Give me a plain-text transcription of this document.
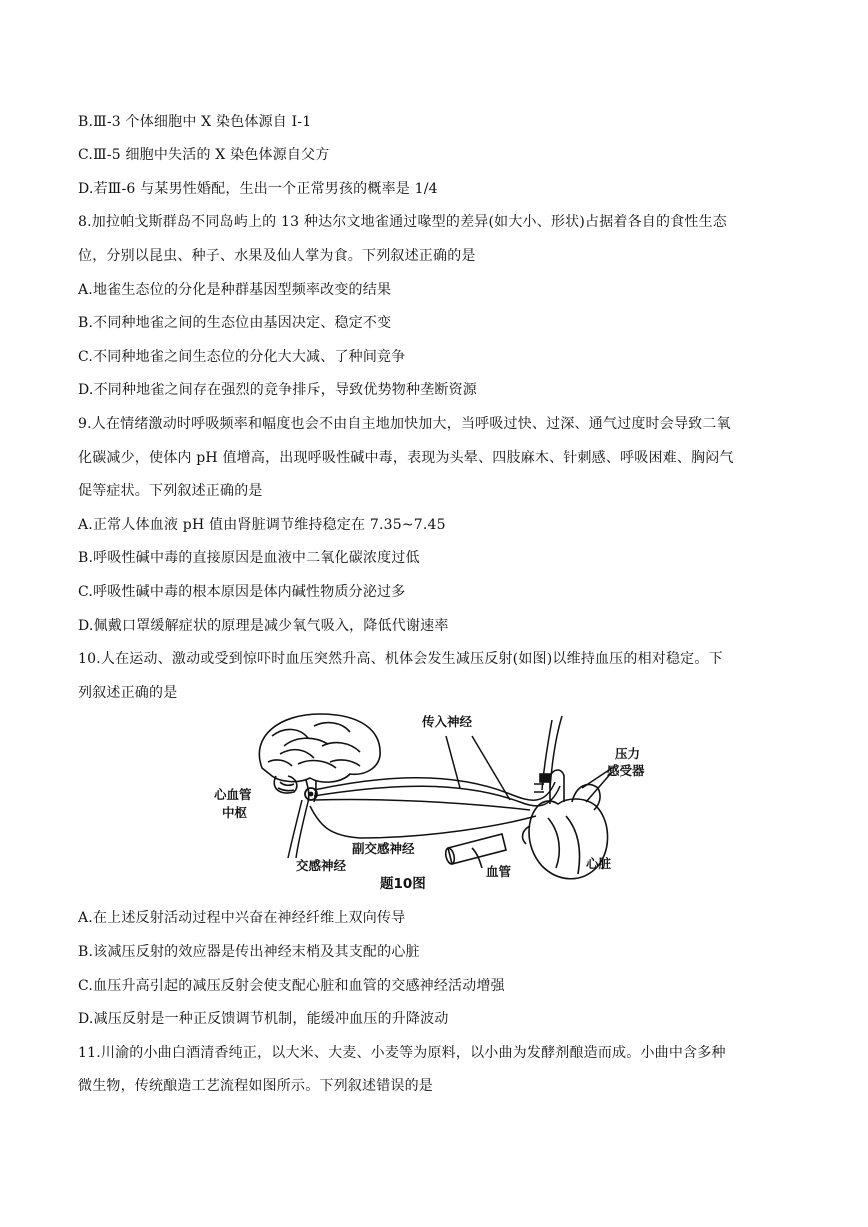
B.Ⅲ-3 个体细胞中 X 染色体源自 I-1
C.Ⅲ-5 细胞中失活的 X 染色体源自父方
D.若Ⅲ-6 与某男性婚配，生出一个正常男孩的概率是 1/4
8.加拉帕戈斯群岛不同岛屿上的 13 种达尔文地雀通过喙型的差异(如大小、形状)占据着各自的食性生态
位，分别以昆虫、种子、水果及仙人掌为食。下列叙述正确的是
A.地雀生态位的分化是种群基因型频率改变的结果
B.不同种地雀之间的生态位由基因决定、稳定不变
C.不同种地雀之间生态位的分化大大减、了种间竞争
D.不同种地雀之间存在强烈的竞争排斥，导致优势物种垄断资源
9.人在情绪激动时呼吸频率和幅度也会不由自主地加快加大，当呼吸过快、过深、通气过度时会导致二氧
化碳减少，使体内 pH 值增高，出现呼吸性碱中毒，表现为头晕、四肢麻木、针刺感、呼吸困难、胸闷气
促等症状。下列叙述正确的是
A.正常人体血液 pH 值由肾脏调节维持稳定在 7.35~7.45
B.呼吸性碱中毒的直接原因是血液中二氧化碳浓度过低
C.呼吸性碱中毒的根本原因是体内碱性物质分泌过多
D.佩戴口罩缓解症状的原理是减少氧气吸入，降低代谢速率
10.人在运动、激动或受到惊吓时血压突然升高、机体会发生减压反射(如图)以维持血压的相对稳定。下
列叙述正确的是
A.在上述反射活动过程中兴奋在神经纤维上双向传导
B.该减压反射的效应器是传出神经末梢及其支配的心脏
C.血压升高引起的减压反射会使支配心脏和血管的交感神经活动增强
D.减压反射是一种正反馈调节机制，能缓冲血压的升降波动
11.川渝的小曲白酒清香纯正，以大米、大麦、小麦等为原料，以小曲为发酵剂酿造而成。小曲中含多种
微生物，传统酿造工艺流程如图所示。下列叙述错误的是
传入神经
压力
感受器
心血管
中枢
副交感神经
交感神经	血管
心脏
题10图
